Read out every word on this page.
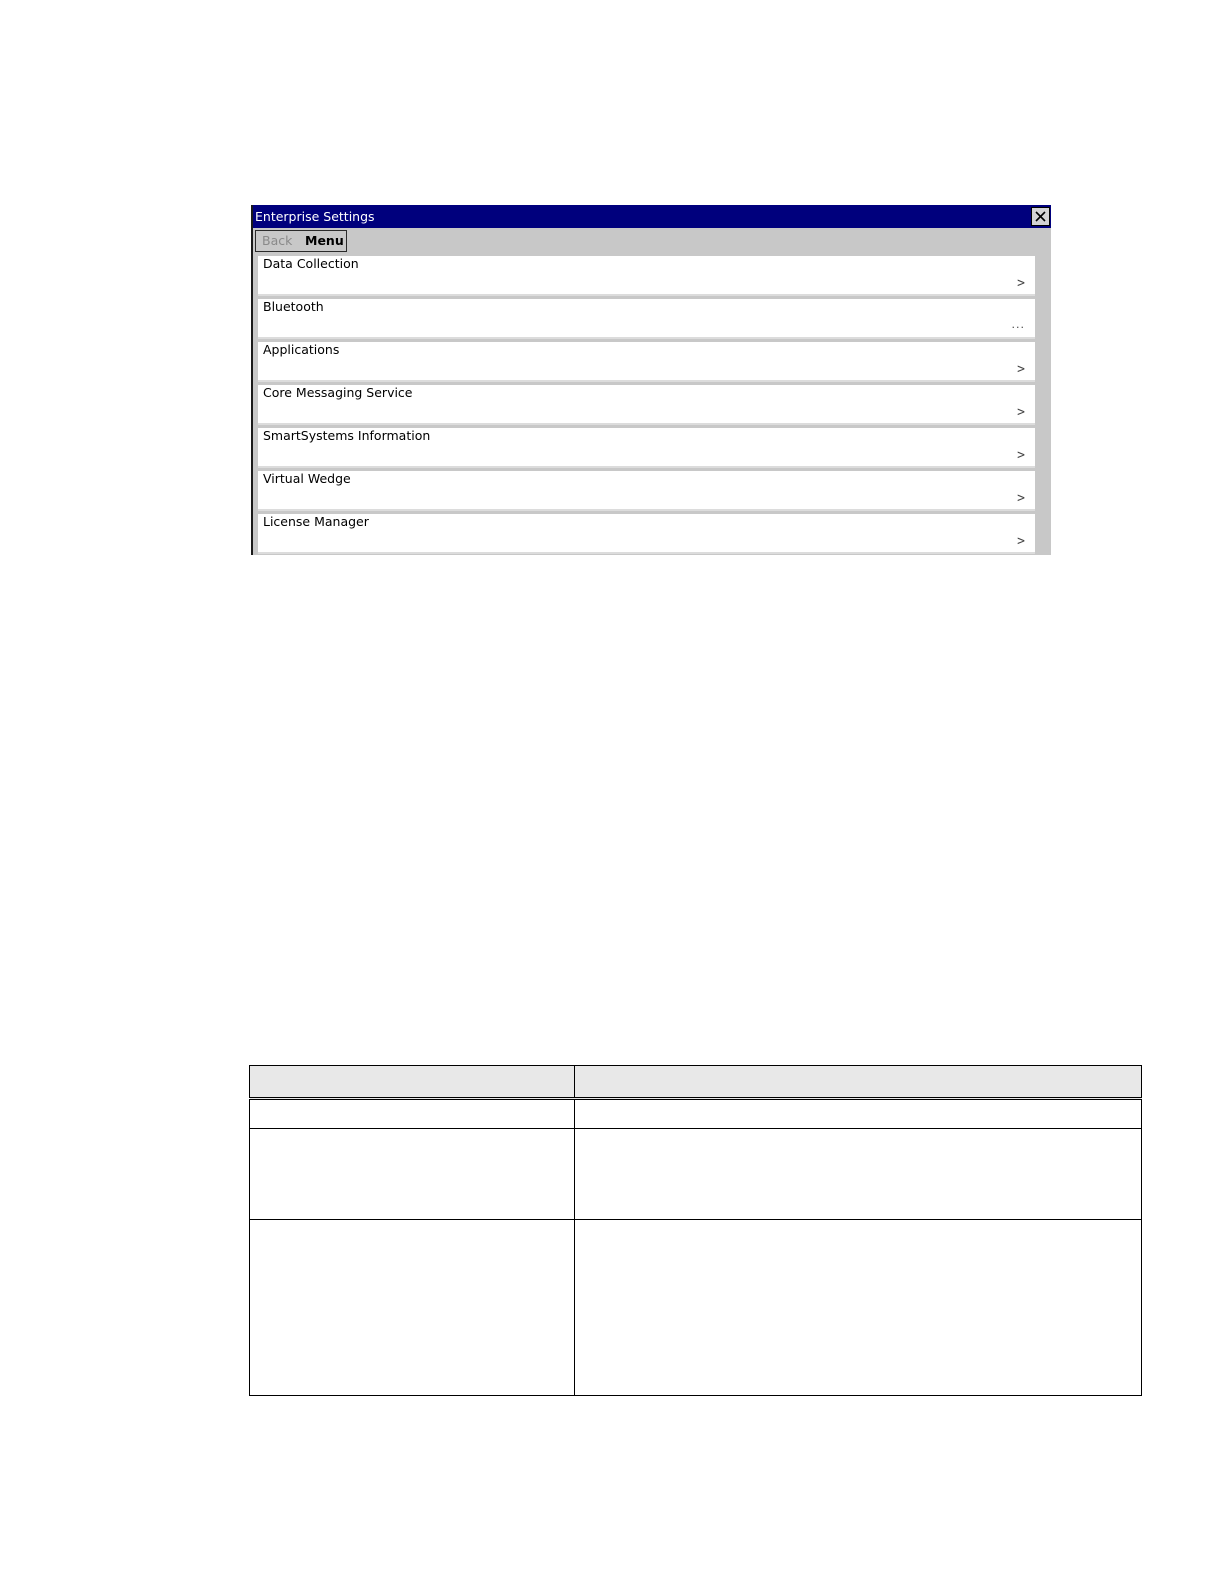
Enterprise Settings
Back Menu
Data Collection
>
Bluetooth
...
Applications
>
Core Messaging Service
>
SmartSystems Information
>
Virtual Wedge
>
License Manager
>
